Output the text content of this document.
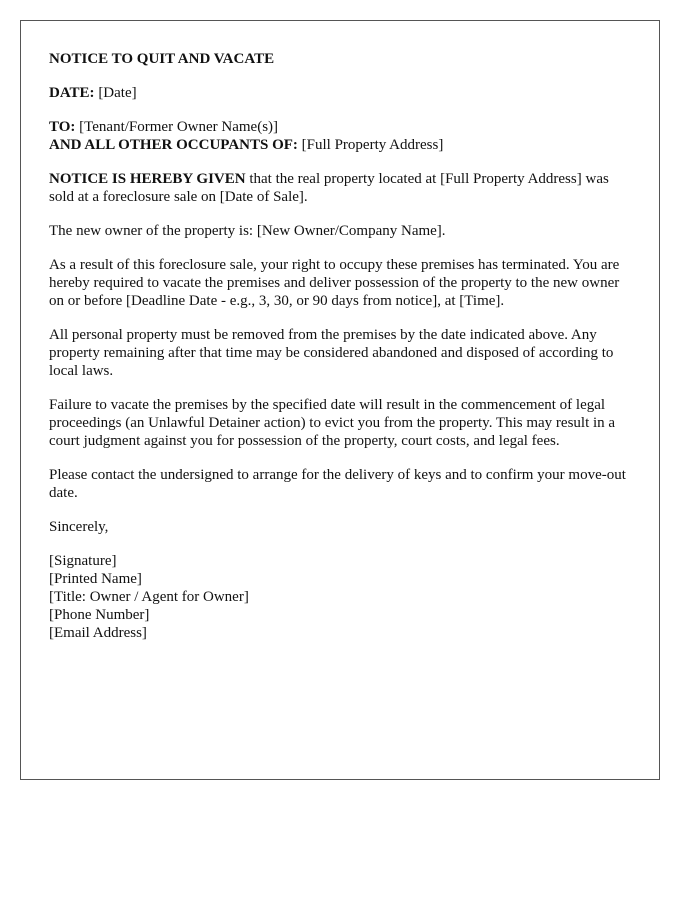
NOTICE TO QUIT AND VACATE

DATE: [Date]

TO: [Tenant/Former Owner Name(s)]
AND ALL OTHER OCCUPANTS OF: [Full Property Address]

NOTICE IS HEREBY GIVEN that the real property located at [Full Property Address] was sold at a foreclosure sale on [Date of Sale].

The new owner of the property is: [New Owner/Company Name].

As a result of this foreclosure sale, your right to occupy these premises has terminated. You are hereby required to vacate the premises and deliver possession of the property to the new owner on or before [Deadline Date - e.g., 3, 30, or 90 days from notice], at [Time].

All personal property must be removed from the premises by the date indicated above. Any property remaining after that time may be considered abandoned and disposed of according to local laws.

Failure to vacate the premises by the specified date will result in the commencement of legal proceedings (an Unlawful Detainer action) to evict you from the property. This may result in a court judgment against you for possession of the property, court costs, and legal fees.

Please contact the undersigned to arrange for the delivery of keys and to confirm your move-out date.

Sincerely,

[Signature]
[Printed Name]
[Title: Owner / Agent for Owner]
[Phone Number]
[Email Address]
